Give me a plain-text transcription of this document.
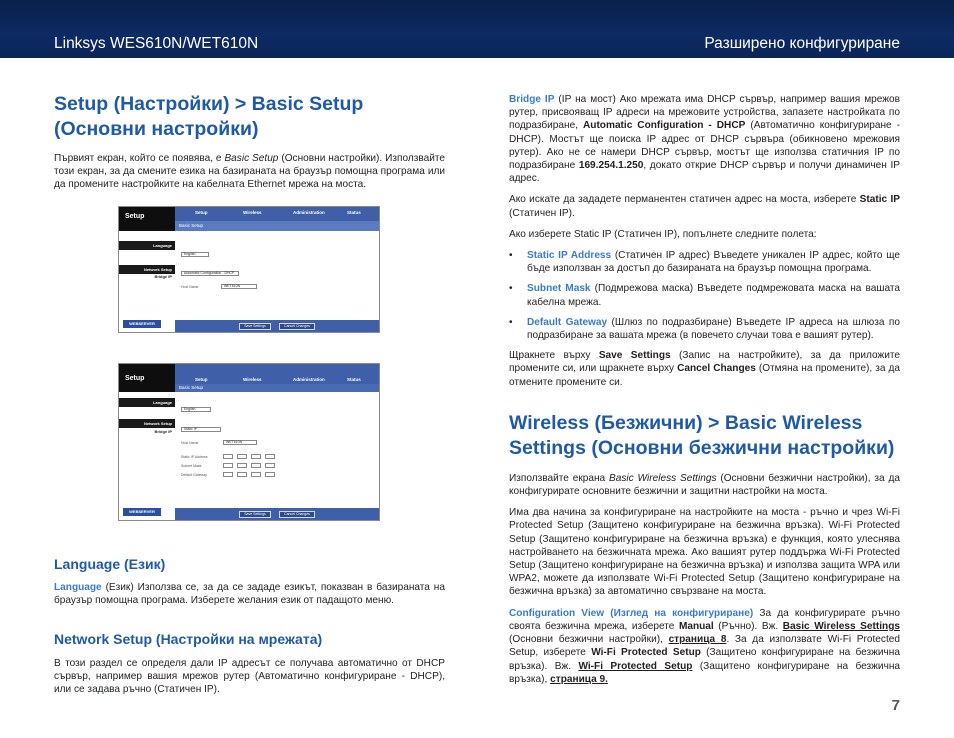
Linksys WES610N/WET610N	Разширено конфигуриране
Setup (Настройки) > Basic Setup (Основни настройки)

Първият екран, който се появява, е Basic Setup (Основни настройки). Използвайте този екран, за да смените езика на базираната на браузър помощна програма или да промените настройките на кабелната Ethernet мрежа на моста.

Setup
Setup	Wireless	Administration	Status
Basic Setup
Language
Network Setup
Bridge IP
WEBSERVER
English
Automatic Configuration - DHCP
Host Name	WET610N
Save Settings	Cancel Changes
Setup	Setup	Wireless	Administration	Status
Basic Setup
Language
Network Setup
Bridge IP
WEBSERVER
English
Static IP
Host Name	WET610N
Static IP Address
Subnet Mask
Default Gateway
Save Settings	Cancel Changes
Language (Език)

Language (Език) Използва се, за да се зададе езикът, показван в базираната на браузър помощна програма. Изберете желания език от падащото меню.

Network Setup (Настройки на мрежата)

В този раздел се определя дали IP адресът се получава автоматично от DHCP сървър, например вашия мрежов рутер (Автоматично конфигуриране - DHCP), или се задава ръчно (Статичен IP).

Bridge IP (IP на мост) Ако мрежата има DHCP сървър, например вашия мрежов рутер, присвояващ IP адреси на мрежовите устройства, запазете настройката по подразбиране, Automatic Configuration - DHCP (Автоматично конфигуриране - DHCP). Мостът ще поиска IP адрес от DHCP сървъра (обикновено мрежовия рутер). Ако не се намери DHCP сървър, мостът ще използва статичния IP по подразбиране 169.254.1.250, докато открие DHCP сървър и получи динамичен IP адрес.

Ако искате да зададете перманентен статичен адрес на моста, изберете Static IP (Статичен IP).

Ако изберете Static IP (Статичен IP), попълнете следните полета:

• Static IP Address (Статичен IP адрес) Въведете уникален IP адрес, който ще бъде използван за достъп до базираната на браузър помощна програма.
• Subnet Mask (Подмрежова маска) Въведете подмрежовата маска на вашата кабелна мрежа.
• Default Gateway (Шлюз по подразбиране) Въведете IP адреса на шлюза по подразбиране за вашата мрежа (в повечето случаи това е вашият рутер).

Щракнете върху Save Settings (Запис на настройките), за да приложите промените си, или щракнете върху Cancel Changes (Отмяна на промените), за да отмените промените си.

Wireless (Безжични) > Basic Wireless Settings (Основни безжични настройки)

Използвайте екрана Basic Wireless Settings (Основни безжични настройки), за да конфигурирате основните безжични и защитни настройки на моста.

Има два начина за конфигуриране на настройките на моста - ръчно и чрез Wi-Fi Protected Setup (Защитено конфигуриране на безжична връзка). Wi-Fi Protected Setup (Защитено конфигуриране на безжична връзка) е функция, която улеснява настройването на безжичната мрежа. Ако вашият рутер поддържа Wi-Fi Protected Setup (Защитено конфигуриране на безжична връзка) и използва защита WPA или WPA2, можете да използвате Wi-Fi Protected Setup (Защитено конфигуриране на безжична връзка) за автоматично свързване на моста.

Configuration View (Изглед на конфигуриране) За да конфигурирате ръчно своята безжична мрежа, изберете Manual (Ръчно). Вж. Basic Wireless Settings (Основни безжични настройки), страница 8. За да използвате Wi-Fi Protected Setup, изберете Wi-Fi Protected Setup (Защитено конфигуриране на безжична връзка). Вж. Wi-Fi Protected Setup (Защитено конфигуриране на безжична връзка), страница 9.

7
